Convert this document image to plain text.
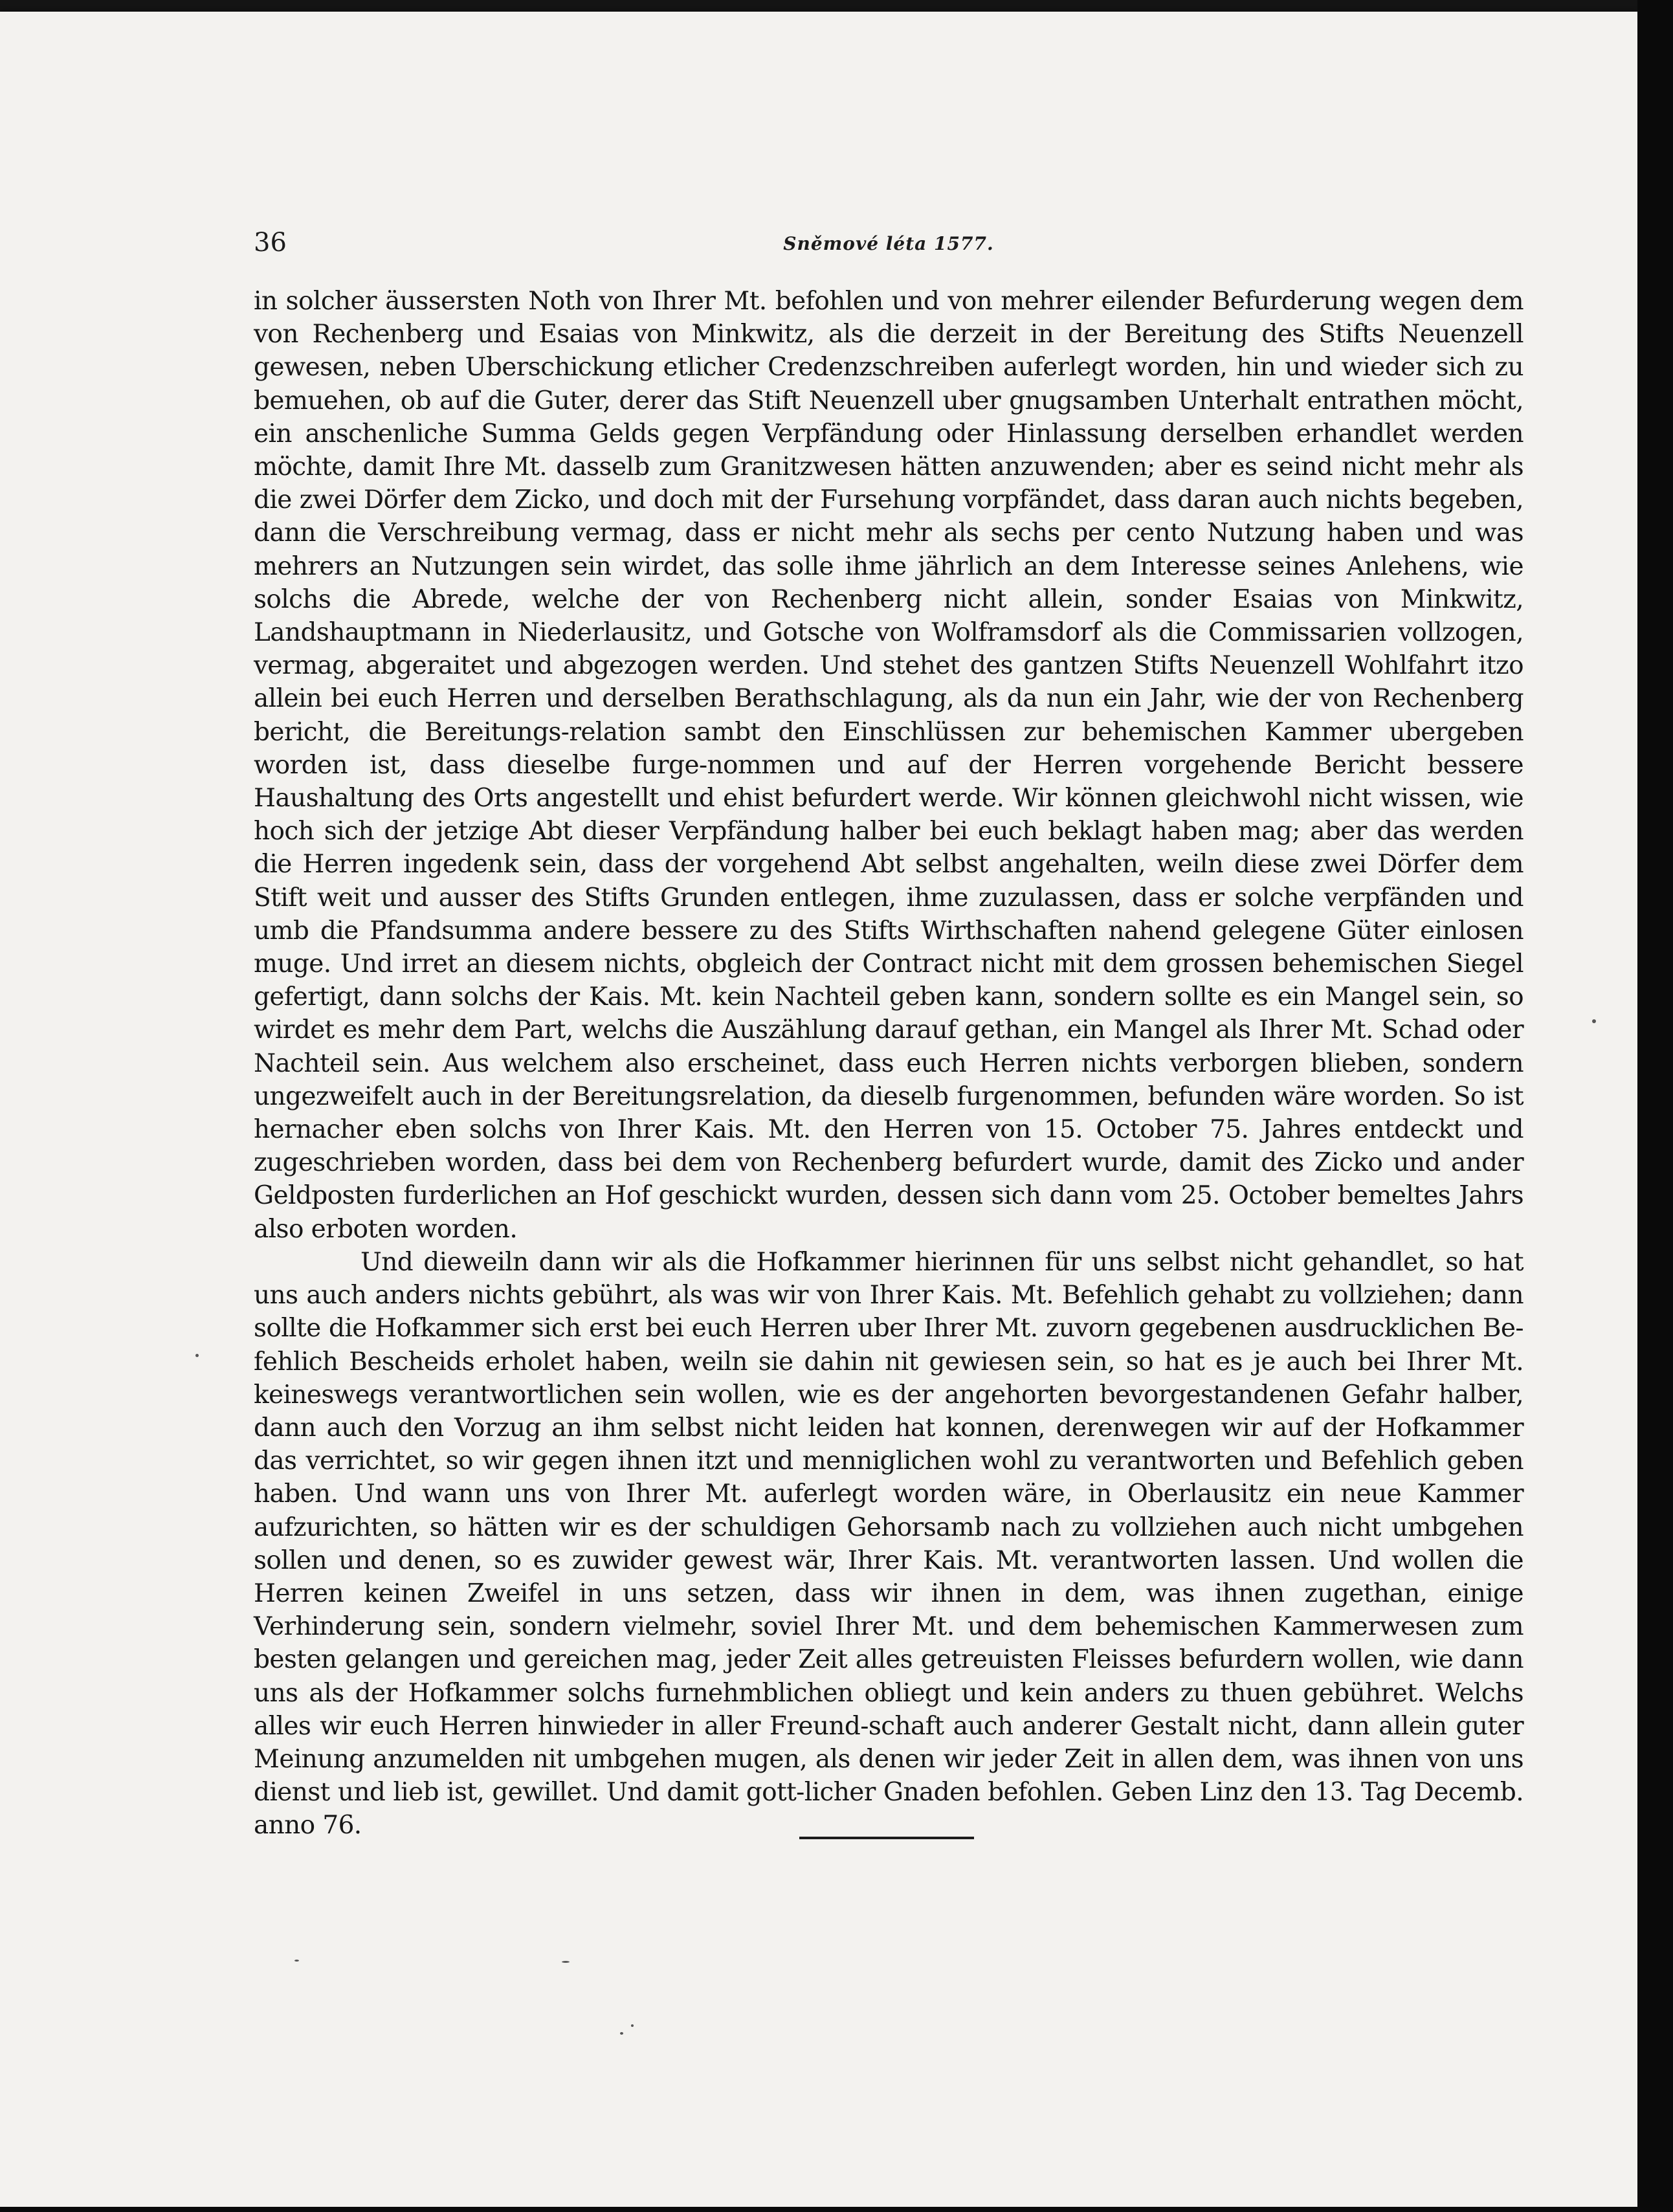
36	Sněmové léta 1577.

in solcher äussersten Noth von Ihrer Mt. befohlen und von mehrer eilender Befurderung wegen dem von Rechenberg und Esaias von Minkwitz, als die derzeit in der Bereitung des Stifts Neuenzell gewesen, neben Uberschickung etlicher Credenzschreiben auferlegt worden, hin und wieder sich zu bemuehen, ob auf die Guter, derer das Stift Neuenzell uber gnugsamben Unterhalt entrathen möcht, ein anschenliche Summa Gelds gegen Verpfändung oder Hinlassung derselben erhandlet werden möchte, damit Ihre Mt. dasselb zum Granitzwesen hätten anzuwenden; aber es seind nicht mehr als die zwei Dörfer dem Zicko, und doch mit der Fursehung vorpfändet, dass daran auch nichts begeben, dann die Verschreibung vermag, dass er nicht mehr als sechs per cento Nutzung haben und was mehrers an Nutzungen sein wirdet, das solle ihme jährlich an dem Interesse seines Anlehens, wie solchs die Abrede, welche der von Rechenberg nicht allein, sonder Esaias von Minkwitz, Landshauptmann in Niederlausitz, und Gotsche von Wolframsdorf als die Commissarien vollzogen, vermag, abgeraitet und abgezogen werden. Und stehet des gantzen Stifts Neuenzell Wohlfahrt itzo allein bei euch Herren und derselben Berathschlagung, als da nun ein Jahr, wie der von Rechenberg bericht, die Bereitungs-relation sambt den Einschlüssen zur behemischen Kammer ubergeben worden ist, dass dieselbe furge-nommen und auf der Herren vorgehende Bericht bessere Haushaltung des Orts angestellt und ehist befurdert werde. Wir können gleichwohl nicht wissen, wie hoch sich der jetzige Abt dieser Verpfändung halber bei euch beklagt haben mag; aber das werden die Herren ingedenk sein, dass der vorgehend Abt selbst angehalten, weiln diese zwei Dörfer dem Stift weit und ausser des Stifts Grunden entlegen, ihme zuzulassen, dass er solche verpfänden und umb die Pfandsumma andere bessere zu des Stifts Wirthschaften nahend gelegene Güter einlosen muge. Und irret an diesem nichts, obgleich der Contract nicht mit dem grossen behemischen Siegel gefertigt, dann solchs der Kais. Mt. kein Nachteil geben kann, sondern sollte es ein Mangel sein, so wirdet es mehr dem Part, welchs die Auszählung darauf gethan, ein Mangel als Ihrer Mt. Schad oder Nachteil sein. Aus welchem also erscheinet, dass euch Herren nichts verborgen blieben, sondern ungezweifelt auch in der Bereitungsrelation, da dieselb furgenommen, befunden wäre worden. So ist hernacher eben solchs von Ihrer Kais. Mt. den Herren von 15. October 75. Jahres entdeckt und zugeschrieben worden, dass bei dem von Rechenberg befurdert wurde, damit des Zicko und ander Geldposten furderlichen an Hof geschickt wurden, dessen sich dann vom 25. October bemeltes Jahrs also erboten worden.

Und dieweiln dann wir als die Hofkammer hierinnen für uns selbst nicht gehandlet, so hat uns auch anders nichts gebührt, als was wir von Ihrer Kais. Mt. Befehlich gehabt zu vollziehen; dann sollte die Hofkammer sich erst bei euch Herren uber Ihrer Mt. zuvorn gegebenen ausdrucklichen Be-fehlich Bescheids erholet haben, weiln sie dahin nit gewiesen sein, so hat es je auch bei Ihrer Mt. keineswegs verantwortlichen sein wollen, wie es der angehorten bevorgestandenen Gefahr halber, dann auch den Vorzug an ihm selbst nicht leiden hat konnen, derenwegen wir auf der Hofkammer das verrichtet, so wir gegen ihnen itzt und menniglichen wohl zu verantworten und Befehlich geben haben. Und wann uns von Ihrer Mt. auferlegt worden wäre, in Oberlausitz ein neue Kammer aufzurichten, so hätten wir es der schuldigen Gehorsamb nach zu vollziehen auch nicht umbgehen sollen und denen, so es zuwider gewest wär, Ihrer Kais. Mt. verantworten lassen. Und wollen die Herren keinen Zweifel in uns setzen, dass wir ihnen in dem, was ihnen zugethan, einige Verhinderung sein, sondern vielmehr, soviel Ihrer Mt. und dem behemischen Kammerwesen zum besten gelangen und gereichen mag, jeder Zeit alles getreuisten Fleisses befurdern wollen, wie dann uns als der Hofkammer solchs furnehmblichen obliegt und kein anders zu thuen gebühret. Welchs alles wir euch Herren hinwieder in aller Freund-schaft auch anderer Gestalt nicht, dann allein guter Meinung anzumelden nit umbgehen mugen, als denen wir jeder Zeit in allen dem, was ihnen von uns dienst und lieb ist, gewillet. Und damit gott-licher Gnaden befohlen. Geben Linz den 13. Tag Decemb. anno 76.
